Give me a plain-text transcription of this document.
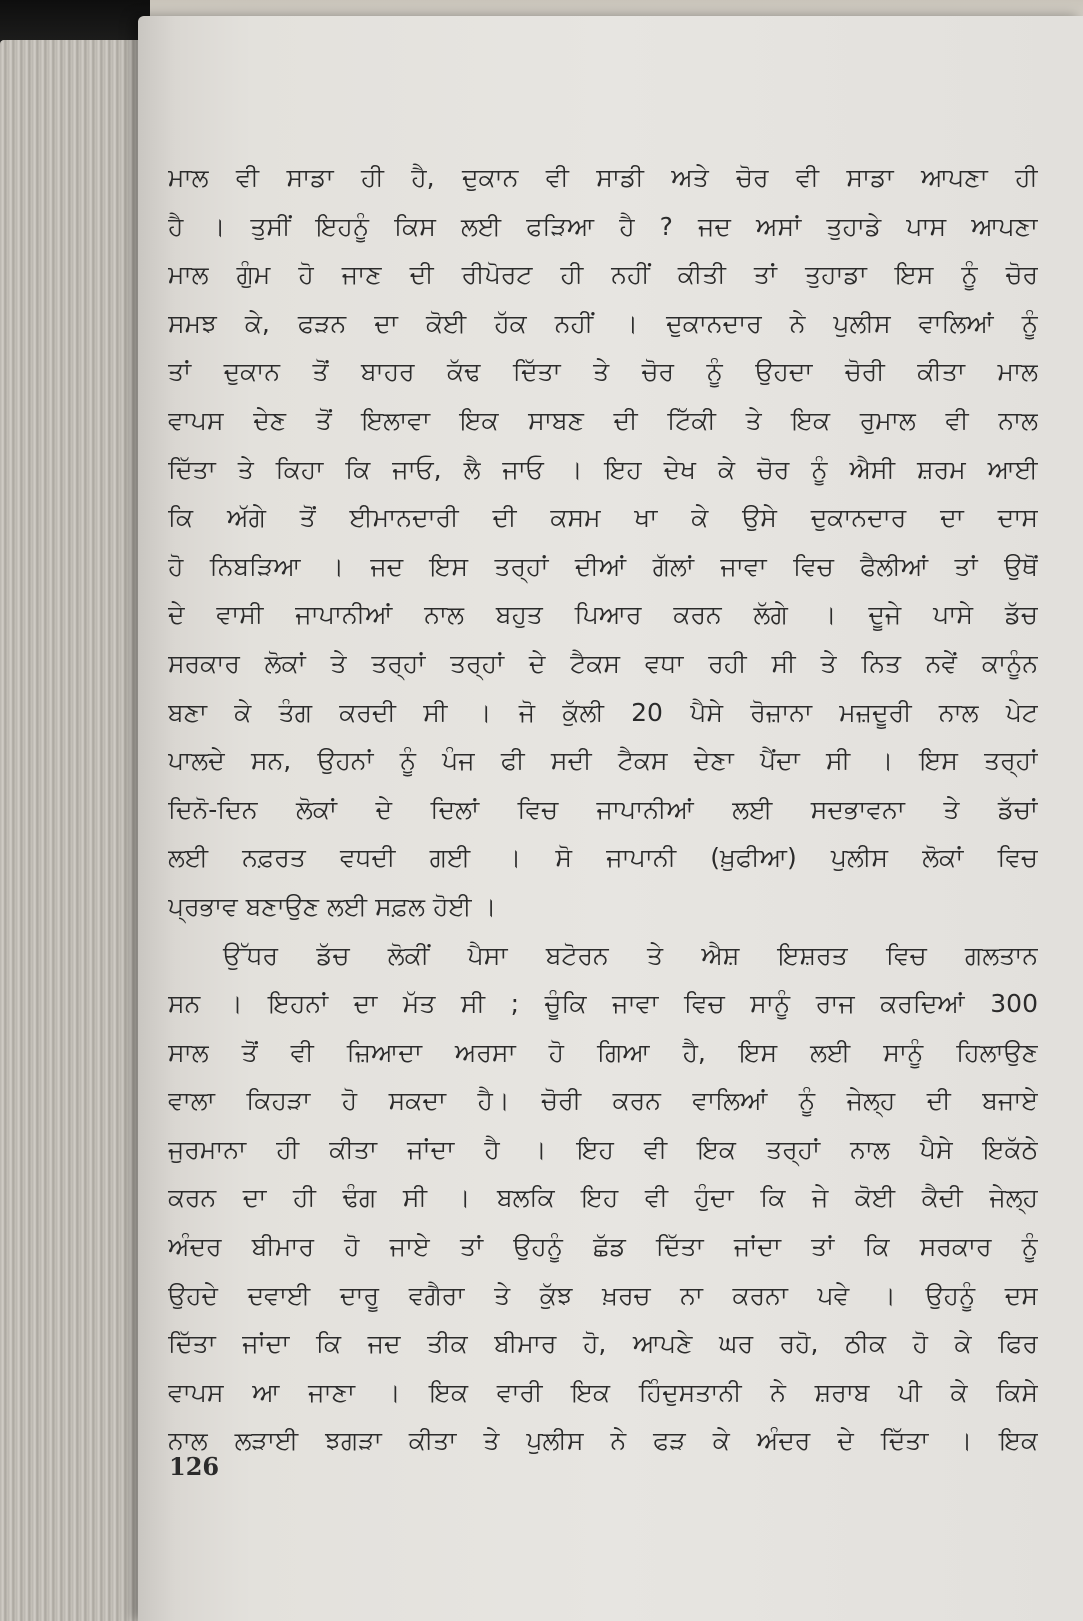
ਮਾਲ ਵੀ ਸਾਡਾ ਹੀ ਹੈ, ਦੁਕਾਨ ਵੀ ਸਾਡੀ ਅਤੇ ਚੋਰ ਵੀ ਸਾਡਾ ਆਪਣਾ ਹੀ
ਹੈ । ਤੁਸੀਂ ਇਹਨੂੰ ਕਿਸ ਲਈ ਫੜਿਆ ਹੈ ? ਜਦ ਅਸਾਂ ਤੁਹਾਡੇ ਪਾਸ ਆਪਣਾ
ਮਾਲ ਗੁੰਮ ਹੋ ਜਾਣ ਦੀ ਰੀਪੋਰਟ ਹੀ ਨਹੀਂ ਕੀਤੀ ਤਾਂ ਤੁਹਾਡਾ ਇਸ ਨੂੰ ਚੋਰ
ਸਮਝ ਕੇ, ਫੜਨ ਦਾ ਕੋਈ ਹੱਕ ਨਹੀਂ । ਦੁਕਾਨਦਾਰ ਨੇ ਪੁਲੀਸ ਵਾਲਿਆਂ ਨੂੰ
ਤਾਂ ਦੁਕਾਨ ਤੋਂ ਬਾਹਰ ਕੱਢ ਦਿੱਤਾ ਤੇ ਚੋਰ ਨੂੰ ਉਹਦਾ ਚੋਰੀ ਕੀਤਾ ਮਾਲ
ਵਾਪਸ ਦੇਣ ਤੋਂ ਇਲਾਵਾ ਇਕ ਸਾਬਣ ਦੀ ਟਿੱਕੀ ਤੇ ਇਕ ਰੁਮਾਲ ਵੀ ਨਾਲ
ਦਿੱਤਾ ਤੇ ਕਿਹਾ ਕਿ ਜਾਓ, ਲੈ ਜਾਓ । ਇਹ ਦੇਖ ਕੇ ਚੋਰ ਨੂੰ ਐਸੀ ਸ਼ਰਮ ਆਈ
ਕਿ ਅੱਗੇ ਤੋਂ ਈਮਾਨਦਾਰੀ ਦੀ ਕਸਮ ਖਾ ਕੇ ਉਸੇ ਦੁਕਾਨਦਾਰ ਦਾ ਦਾਸ
ਹੋ ਨਿਬੜਿਆ । ਜਦ ਇਸ ਤਰ੍ਹਾਂ ਦੀਆਂ ਗੱਲਾਂ ਜਾਵਾ ਵਿਚ ਫੈਲੀਆਂ ਤਾਂ ਉਥੋਂ
ਦੇ ਵਾਸੀ ਜਾਪਾਨੀਆਂ ਨਾਲ ਬਹੁਤ ਪਿਆਰ ਕਰਨ ਲੱਗੇ । ਦੂਜੇ ਪਾਸੇ ਡੱਚ
ਸਰਕਾਰ ਲੋਕਾਂ ਤੇ ਤਰ੍ਹਾਂ ਤਰ੍ਹਾਂ ਦੇ ਟੈਕਸ ਵਧਾ ਰਹੀ ਸੀ ਤੇ ਨਿਤ ਨਵੇਂ ਕਾਨੂੰਨ
ਬਣਾ ਕੇ ਤੰਗ ਕਰਦੀ ਸੀ । ਜੋ ਕੁੱਲੀ 20 ਪੈਸੇ ਰੋਜ਼ਾਨਾ ਮਜ਼ਦੂਰੀ ਨਾਲ ਪੇਟ
ਪਾਲਦੇ ਸਨ, ਉਹਨਾਂ ਨੂੰ ਪੰਜ ਫੀ ਸਦੀ ਟੈਕਸ ਦੇਣਾ ਪੈਂਦਾ ਸੀ । ਇਸ ਤਰ੍ਹਾਂ
ਦਿਨੋ-ਦਿਨ ਲੋਕਾਂ ਦੇ ਦਿਲਾਂ ਵਿਚ ਜਾਪਾਨੀਆਂ ਲਈ ਸਦਭਾਵਨਾ ਤੇ ਡੱਚਾਂ
ਲਈ ਨਫ਼ਰਤ ਵਧਦੀ ਗਈ । ਸੋ ਜਾਪਾਨੀ (ਖ਼ੁਫੀਆ) ਪੁਲੀਸ ਲੋਕਾਂ ਵਿਚ
ਪ੍ਰਭਾਵ ਬਣਾਉਣ ਲਈ ਸਫ਼ਲ ਹੋਈ ।
ਉੱਧਰ ਡੱਚ ਲੋਕੀਂ ਪੈਸਾ ਬਟੋਰਨ ਤੇ ਐਸ਼ ਇਸ਼ਰਤ ਵਿਚ ਗਲਤਾਨ
ਸਨ । ਇਹਨਾਂ ਦਾ ਮੱਤ ਸੀ ; ਚੂੰਕਿ ਜਾਵਾ ਵਿਚ ਸਾਨੂੰ ਰਾਜ ਕਰਦਿਆਂ 300
ਸਾਲ ਤੋਂ ਵੀ ਜ਼ਿਆਦਾ ਅਰਸਾ ਹੋ ਗਿਆ ਹੈ, ਇਸ ਲਈ ਸਾਨੂੰ ਹਿਲਾਉਣ
ਵਾਲਾ ਕਿਹੜਾ ਹੋ ਸਕਦਾ ਹੈ। ਚੋਰੀ ਕਰਨ ਵਾਲਿਆਂ ਨੂੰ ਜੇਲ੍ਹ ਦੀ ਬਜਾਏ
ਜੁਰਮਾਨਾ ਹੀ ਕੀਤਾ ਜਾਂਦਾ ਹੈ । ਇਹ ਵੀ ਇਕ ਤਰ੍ਹਾਂ ਨਾਲ ਪੈਸੇ ਇਕੱਠੇ
ਕਰਨ ਦਾ ਹੀ ਢੰਗ ਸੀ । ਬਲਕਿ ਇਹ ਵੀ ਹੁੰਦਾ ਕਿ ਜੇ ਕੋਈ ਕੈਦੀ ਜੇਲ੍ਹ
ਅੰਦਰ ਬੀਮਾਰ ਹੋ ਜਾਏ ਤਾਂ ਉਹਨੂੰ ਛੱਡ ਦਿੱਤਾ ਜਾਂਦਾ ਤਾਂ ਕਿ ਸਰਕਾਰ ਨੂੰ
ਉਹਦੇ ਦਵਾਈ ਦਾਰੂ ਵਗੈਰਾ ਤੇ ਕੁੱਝ ਖ਼ਰਚ ਨਾ ਕਰਨਾ ਪਵੇ । ਉਹਨੂੰ ਦਸ
ਦਿੱਤਾ ਜਾਂਦਾ ਕਿ ਜਦ ਤੀਕ ਬੀਮਾਰ ਹੋ, ਆਪਣੇ ਘਰ ਰਹੋ, ਠੀਕ ਹੋ ਕੇ ਫਿਰ
ਵਾਪਸ ਆ ਜਾਣਾ । ਇਕ ਵਾਰੀ ਇਕ ਹਿੰਦੁਸਤਾਨੀ ਨੇ ਸ਼ਰਾਬ ਪੀ ਕੇ ਕਿਸੇ
ਨਾਲ ਲੜਾਈ ਝਗੜਾ ਕੀਤਾ ਤੇ ਪੁਲੀਸ ਨੇ ਫੜ ਕੇ ਅੰਦਰ ਦੇ ਦਿੱਤਾ । ਇਕ
126
